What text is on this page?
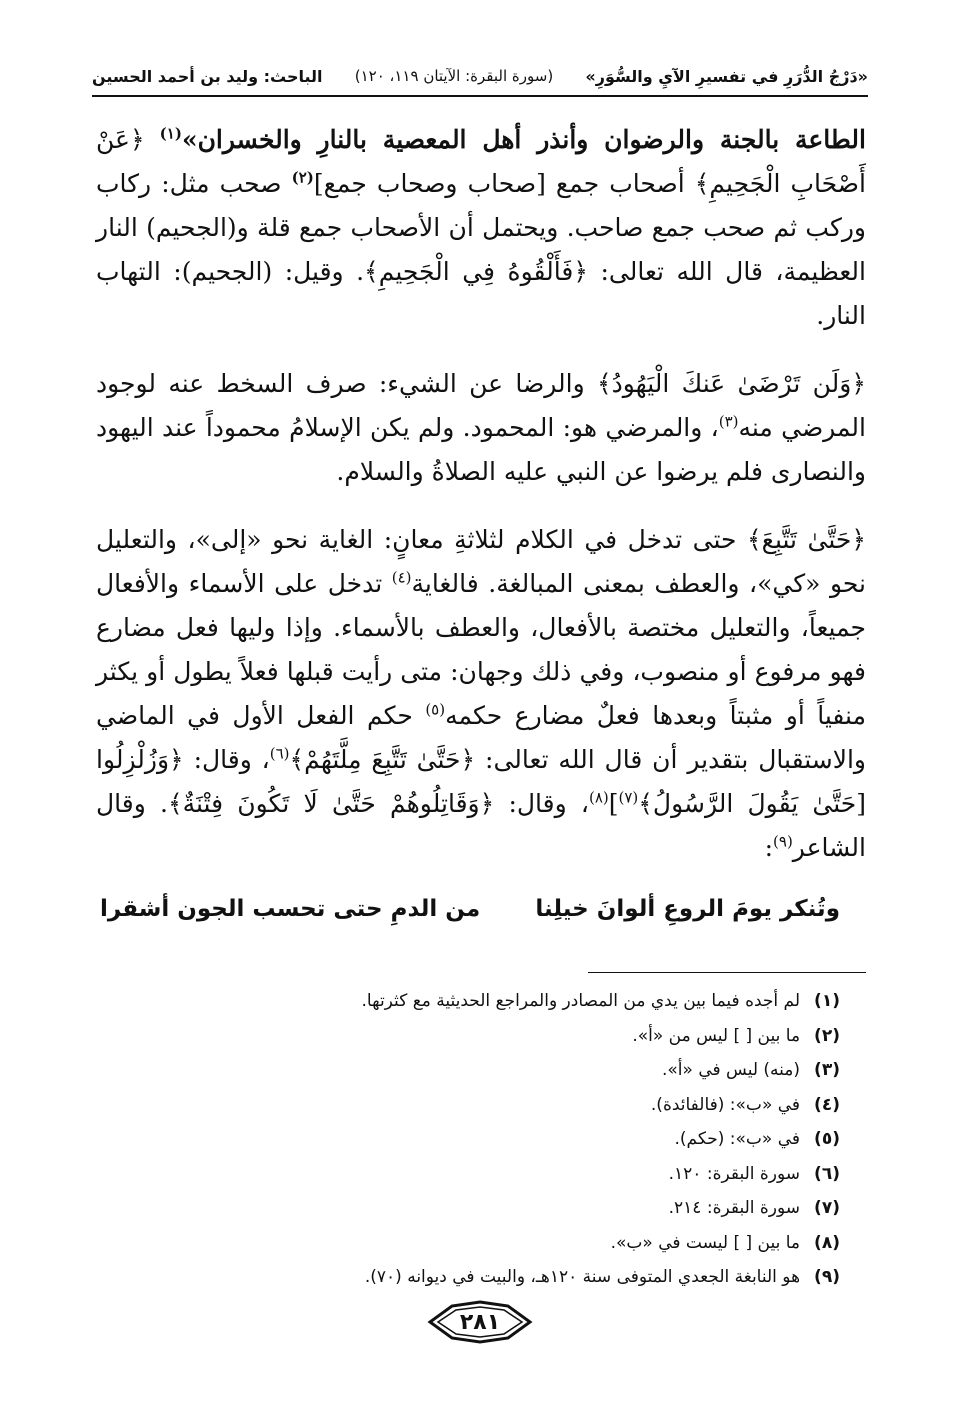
«دَرْجُ الدُّرَرِ في تفسيرِ الآيِ والسُّوَرِ»
(سورة البقرة: الآيتان ١١٩، ١٢٠)
الباحث: وليد بن أحمد الحسين

الطاعة بالجنة والرضوان وأنذر أهل المعصية بالنارِ والخسران»$^{(١)}$ ﴿عَنْ أَصْحَابِ الْجَحِيمِ﴾ أصحاب جمع [صحاب وصحاب جمع]$^{(٢)}$ صحب مثل: ركاب وركب ثم صحب جمع صاحب. ويحتمل أن الأصحاب جمع قلة و(الجحيم) النار العظيمة، قال الله تعالى: ﴿فَأَلْقُوهُ فِي الْجَحِيمِ﴾. وقيل: (الجحيم): التهاب النار.

﴿وَلَن تَرْضَىٰ عَنكَ الْيَهُودُ﴾ والرضا عن الشيء: صرف السخط عنه لوجود المرضي منه$^{(٣)}$، والمرضي هو: المحمود. ولم يكن الإسلامُ محموداً عند اليهود والنصارى فلم يرضوا عن النبي عليه الصلاةُ والسلام.

﴿حَتَّىٰ تَتَّبِعَ﴾ حتى تدخل في الكلام لثلاثةِ معانٍ: الغاية نحو «إلى»، والتعليل نحو «كي»، والعطف بمعنى المبالغة. فالغاية$^{(٤)}$ تدخل على الأسماء والأفعال جميعاً، والتعليل مختصة بالأفعال، والعطف بالأسماء. وإذا وليها فعل مضارع فهو مرفوع أو منصوب، وفي ذلك وجهان: متى رأيت قبلها فعلاً يطول أو يكثر منفياً أو مثبتاً وبعدها فعلٌ مضارع حكمه$^{(٥)}$ حكم الفعل الأول في الماضي والاستقبال بتقدير أن قال الله تعالى: ﴿حَتَّىٰ تَتَّبِعَ مِلَّتَهُمْ﴾$^{(٦)}$، وقال: ﴿وَزُلْزِلُوا [حَتَّىٰ يَقُولَ الرَّسُولُ﴾$^{(٧)}$]$^{(٨)}$، وقال: ﴿وَقَاتِلُوهُمْ حَتَّىٰ لَا تَكُونَ فِتْنَةٌ﴾. وقال الشاعر$^{(٩)}$:

وتُنكر يومَ الروعِ ألوانَ خيلِنا
من الدمِ حتى تحسب الجون أشقرا
(١)
لم أجده فيما بين يدي من المصادر والمراجع الحديثية مع كثرتها.
(٢)
ما بين [ ] ليس من «أ».
(٣)
(منه) ليس في «أ».
(٤)
في «ب»: (فالفائدة).
(٥)
في «ب»: (حكم).
(٦)
سورة البقرة: ١٢٠.
(٧)
سورة البقرة: ٢١٤.
(٨)
ما بين [ ] ليست في «ب».
(٩)
هو النابغة الجعدي المتوفى سنة ١٢٠هـ، والبيت في ديوانه (٧٠).
٢٨١
